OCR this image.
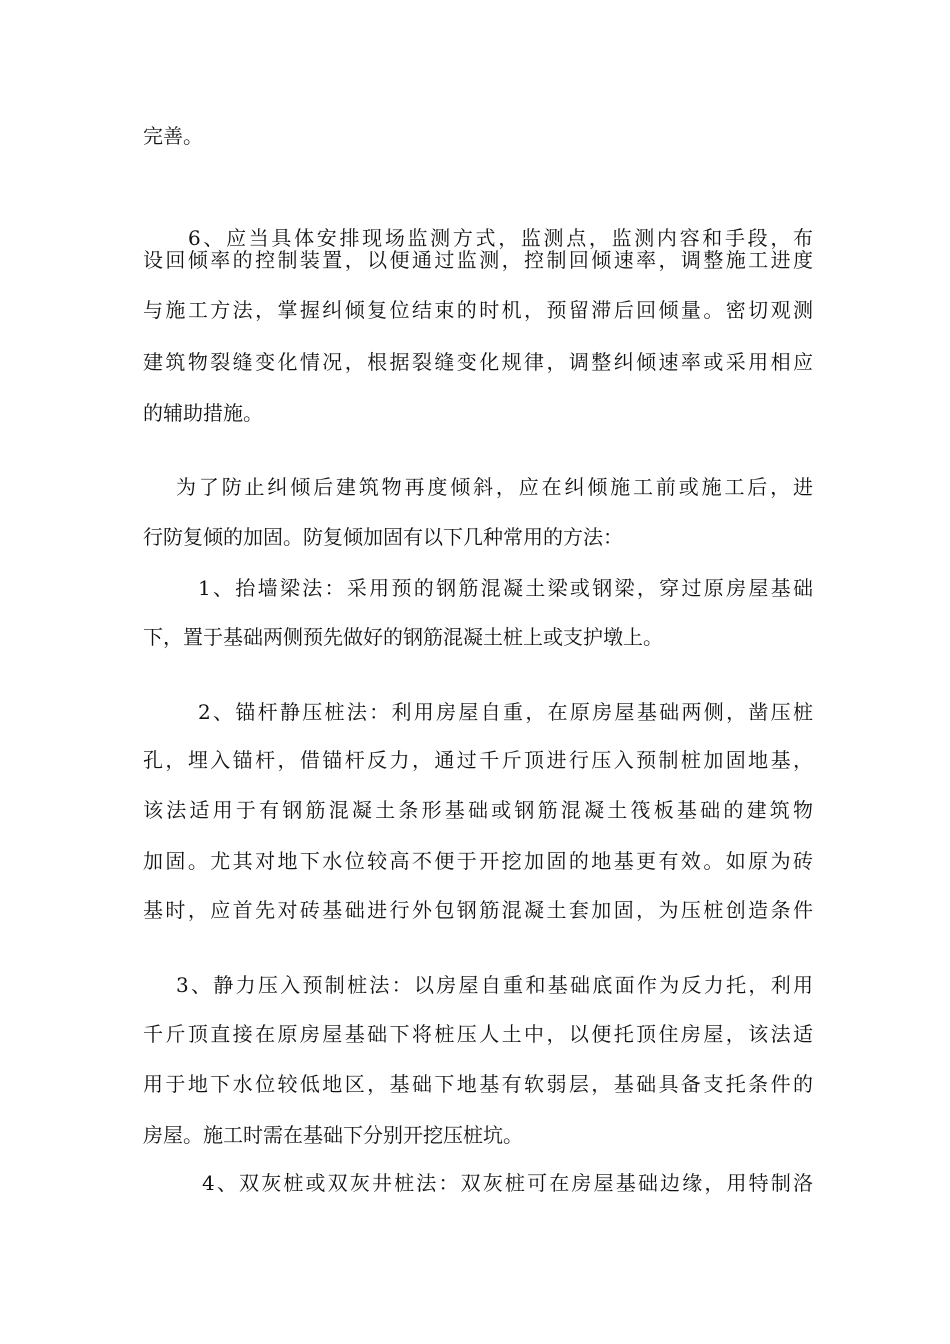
完善。
6、应当具体安排现场监测方式，监测点，监测内容和手段，布
设回倾率的控制装置，以便通过监测，控制回倾速率，调整施工进度
与施工方法，掌握纠倾复位结束的时机，预留滞后回倾量。密切观测
建筑物裂缝变化情况，根据裂缝变化规律，调整纠倾速率或采用相应
的辅助措施。
为了防止纠倾后建筑物再度倾斜，应在纠倾施工前或施工后，进
行防复倾的加固。防复倾加固有以下几种常用的方法：
1、抬墙梁法：采用预的钢筋混凝土梁或钢梁，穿过原房屋基础
下，置于基础两侧预先做好的钢筋混凝土桩上或支护墩上。
2、锚杆静压桩法：利用房屋自重，在原房屋基础两侧，凿压桩
孔，埋入锚杆，借锚杆反力，通过千斤顶进行压入预制桩加固地基，
该法适用于有钢筋混凝土条形基础或钢筋混凝土筏板基础的建筑物
加固。尤其对地下水位较高不便于开挖加固的地基更有效。如原为砖
基时，应首先对砖基础进行外包钢筋混凝土套加固，为压桩创造条件
3、静力压入预制桩法：以房屋自重和基础底面作为反力托，利用
千斤顶直接在原房屋基础下将桩压人土中，以便托顶住房屋，该法适
用于地下水位较低地区，基础下地基有软弱层，基础具备支托条件的
房屋。施工时需在基础下分别开挖压桩坑。
4、双灰桩或双灰井桩法：双灰桩可在房屋基础边缘，用特制洛
